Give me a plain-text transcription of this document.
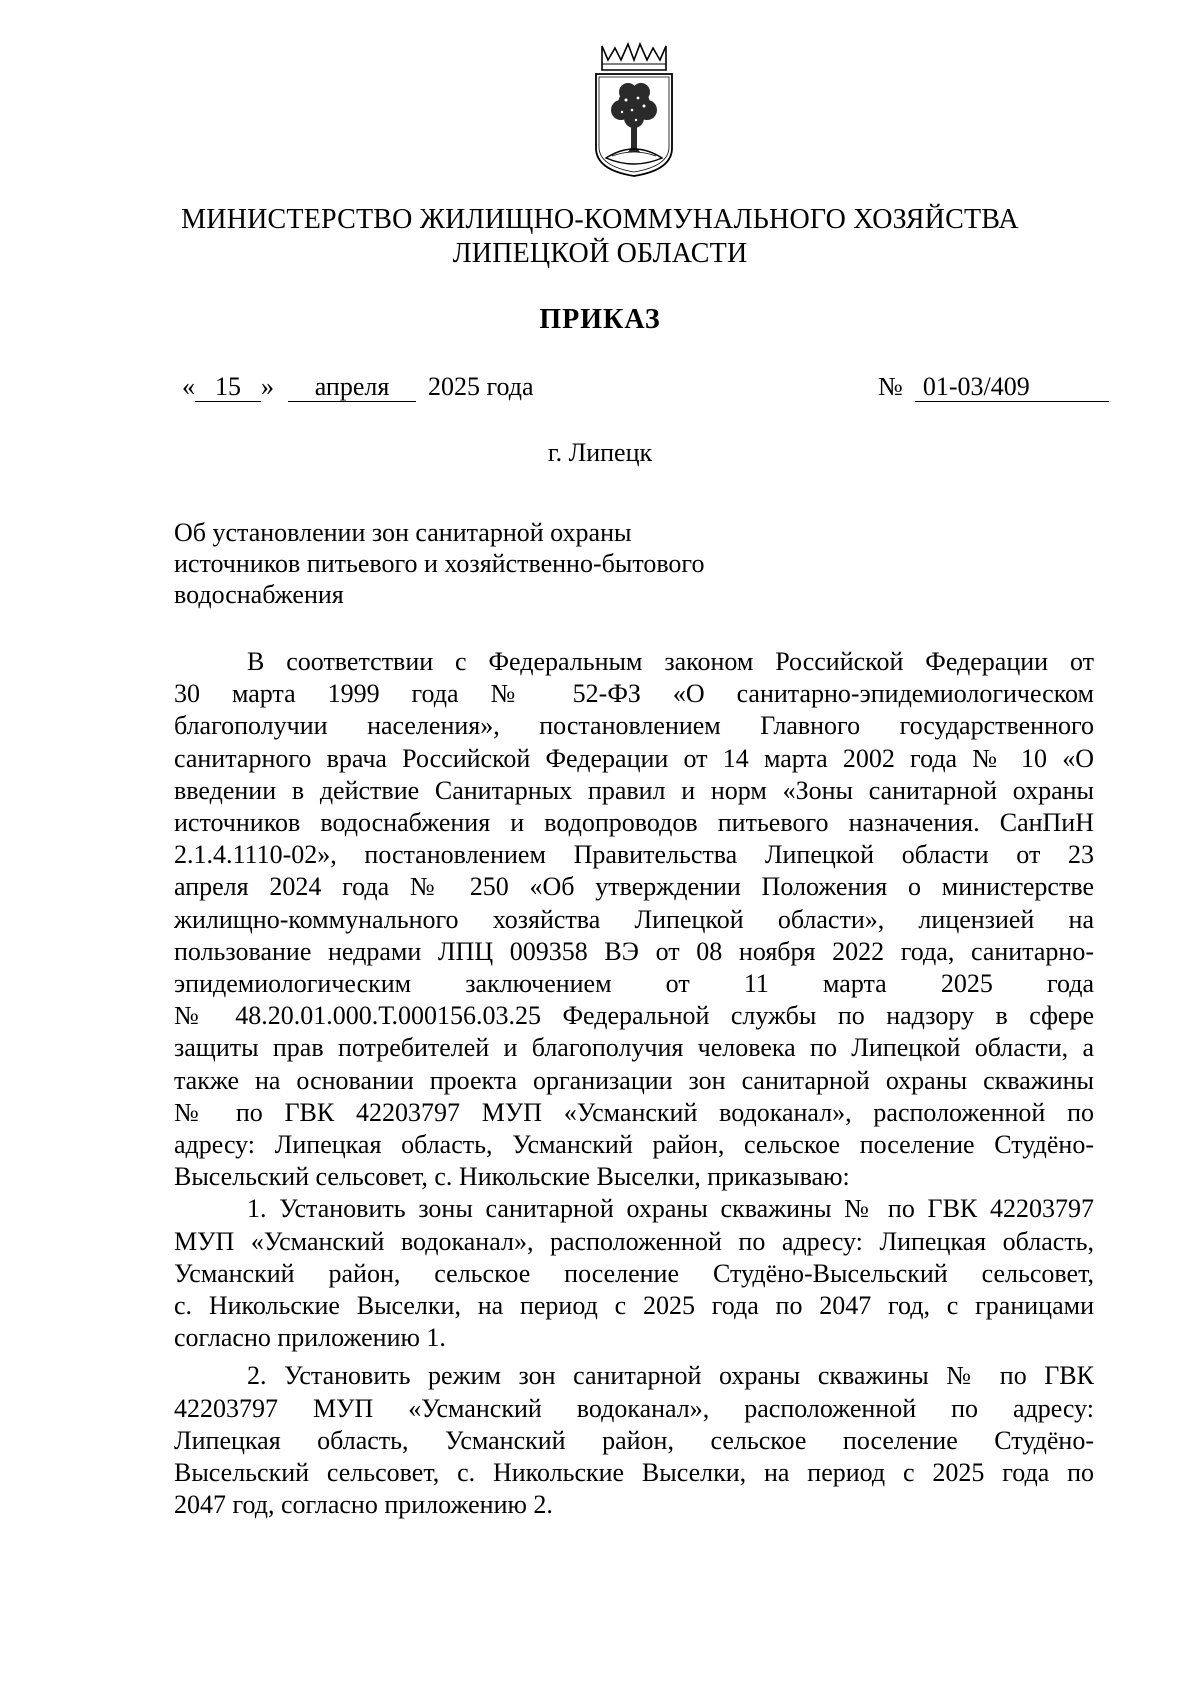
МИНИСТЕРСТВО ЖИЛИЩНО-КОММУНАЛЬНОГО ХОЗЯЙСТВА
ЛИПЕЦКОЙ ОБЛАСТИ
ПРИКАЗ
« 15 » апреля 2025 года	№ 01-03/409
г. Липецк
Об установлении зон санитарной охраны
источников питьевого и хозяйственно-бытового
водоснабжения
В соответствии с Федеральным законом Российской Федерации от
30 марта 1999 года № 52-ФЗ «О санитарно-эпидемиологическом
благополучии населения», постановлением Главного государственного
санитарного врача Российской Федерации от 14 марта 2002 года № 10 «О
введении в действие Санитарных правил и норм «Зоны санитарной охраны
источников водоснабжения и водопроводов питьевого назначения. СанПиН
2.1.4.1110-02», постановлением Правительства Липецкой области от 23
апреля 2024 года № 250 «Об утверждении Положения о министерстве
жилищно-коммунального хозяйства Липецкой области», лицензией на
пользование недрами ЛПЦ 009358 ВЭ от 08 ноября 2022 года, санитарно-
эпидемиологическим заключением от 11 марта 2025 года
№ 48.20.01.000.Т.000156.03.25 Федеральной службы по надзору в сфере
защиты прав потребителей и благополучия человека по Липецкой области, а
также на основании проекта организации зон санитарной охраны скважины
№ по ГВК 42203797 МУП «Усманский водоканал», расположенной по
адресу: Липецкая область, Усманский район, сельское поселение Студёно-
Высельский сельсовет, с. Никольские Выселки, приказываю:
1. Установить зоны санитарной охраны скважины № по ГВК 42203797
МУП «Усманский водоканал», расположенной по адресу: Липецкая область,
Усманский район, сельское поселение Студёно-Высельский сельсовет,
с. Никольские Выселки, на период с 2025 года по 2047 год, с границами
согласно приложению 1.
2. Установить режим зон санитарной охраны скважины № по ГВК
42203797 МУП «Усманский водоканал», расположенной по адресу:
Липецкая область, Усманский район, сельское поселение Студёно-
Высельский сельсовет, с. Никольские Выселки, на период с 2025 года по
2047 год, согласно приложению 2.
